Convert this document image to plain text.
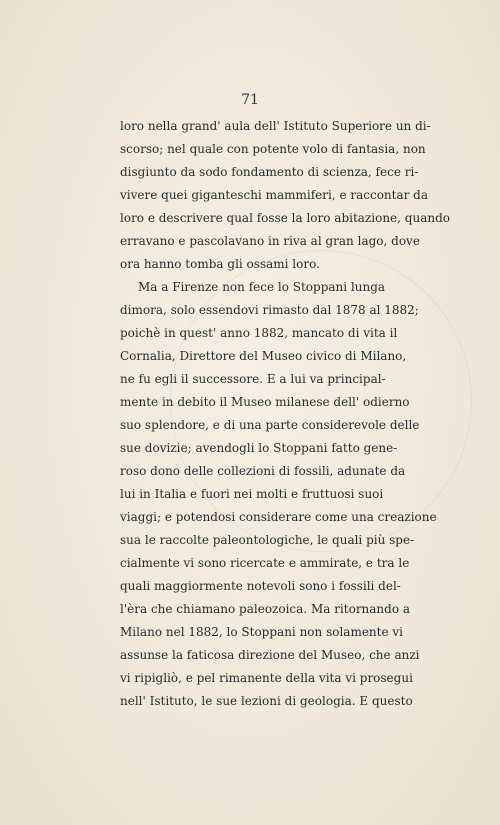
71
loro nella grand' aula dell' Istituto Superiore un di-
scorso; nel quale con potente volo di fantasia, non
disgiunto da sodo fondamento di scienza, fece ri-
vivere quei giganteschi mammiferi, e raccontar da
loro e descrivere qual fosse la loro abitazione, quando
erravano e pascolavano in riva al gran lago, dove
ora hanno tomba gli ossami loro.
Ma a Firenze non fece lo Stoppani lunga
dimora, solo essendovi rimasto dal 1878 al 1882;
poichè in quest' anno 1882, mancato di vita il
Cornalia, Direttore del Museo civico di Milano,
ne fu egli il successore. E a lui va principal-
mente in debito il Museo milanese dell' odierno
suo splendore, e di una parte considerevole delle
sue dovizie; avendogli lo Stoppani fatto gene-
roso dono delle collezioni di fossili, adunate da
lui in Italia e fuori nei molti e fruttuosi suoi
viaggi; e potendosi considerare come una creazione
sua le raccolte paleontologiche, le quali più spe-
cialmente vi sono ricercate e ammirate, e tra le
quali maggiormente notevoli sono i fossili del-
l'èra che chiamano paleozoica. Ma ritornando a
Milano nel 1882, lo Stoppani non solamente vi
assunse la faticosa direzione del Museo, che anzi
vi ripigliò, e pel rimanente della vita vi prosegui
nell' Istituto, le sue lezioni di geologia. E questo
